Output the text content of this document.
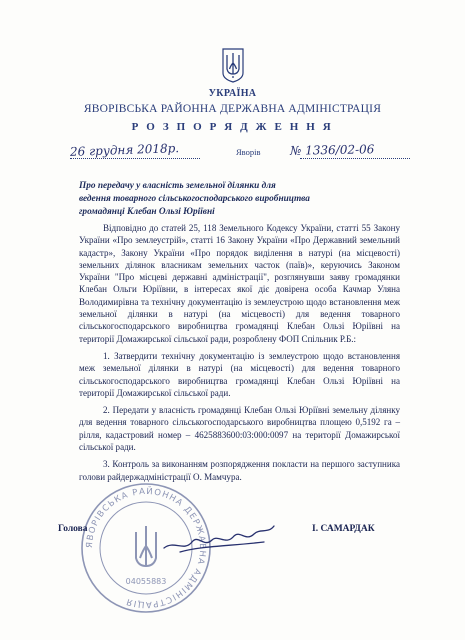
УКРАЇНА
ЯВОРІВСЬКА РАЙОННА ДЕРЖАВНА АДМІНІСТРАЦІЯ
Р О З П О Р Я Д Ж Е Н Н Я
26 грудня 2018р.	Яворів № 1336/02-06
Про передачу у власність земельної ділянки для
ведення товарного сільськогосподарського виробництва
громадянці Клебан Ользі Юріївні

Відповідно до статей 25, 118 Земельного Кодексу України, статті 55 Закону України «Про землеустрій», статті 16 Закону України «Про Державний земельний кадастр», Закону України «Про порядок виділення в натурі (на місцевості) земельних ділянок власникам земельних часток (паїв)», керуючись Законом України "Про місцеві державні адміністрації", розглянувши заяву громадянки Клебан Ольги Юріївни, в інтересах якої діє довірена особа Качмар Уляна Володимирівна та технічну документацію із землеустрою щодо встановлення меж земельної ділянки в натурі (на місцевості) для ведення товарного сільськогосподарського виробництва громадянці Клебан Ользі Юріївні на території Домажирської сільської ради, розроблену ФОП Спільник Р.Б.:

1. Затвердити технічну документацію із землеустрою щодо встановлення меж земельної ділянки в натурі (на місцевості) для ведення товарного сільськогосподарського виробництва громадянці Клебан Ользі Юріївні на території Домажирської сільської ради.

2. Передати у власність громадянці Клебан Ользі Юріївні земельну ділянку для ведення товарного сільськогосподарського виробництва площею 0,5192 га – рілля, кадастровий номер – 4625883600:03:000:0097 на території Домажирської сільської ради.

3. Контроль за виконанням розпорядження покласти на першого заступника голови райдержадміністрації О. Мамчура.

ЯВОРІВСЬКА РАЙОННА ДЕРЖАВНА АДМІНІСТРАЦІЯ
04055883
Голова	І. САМАРДАК
